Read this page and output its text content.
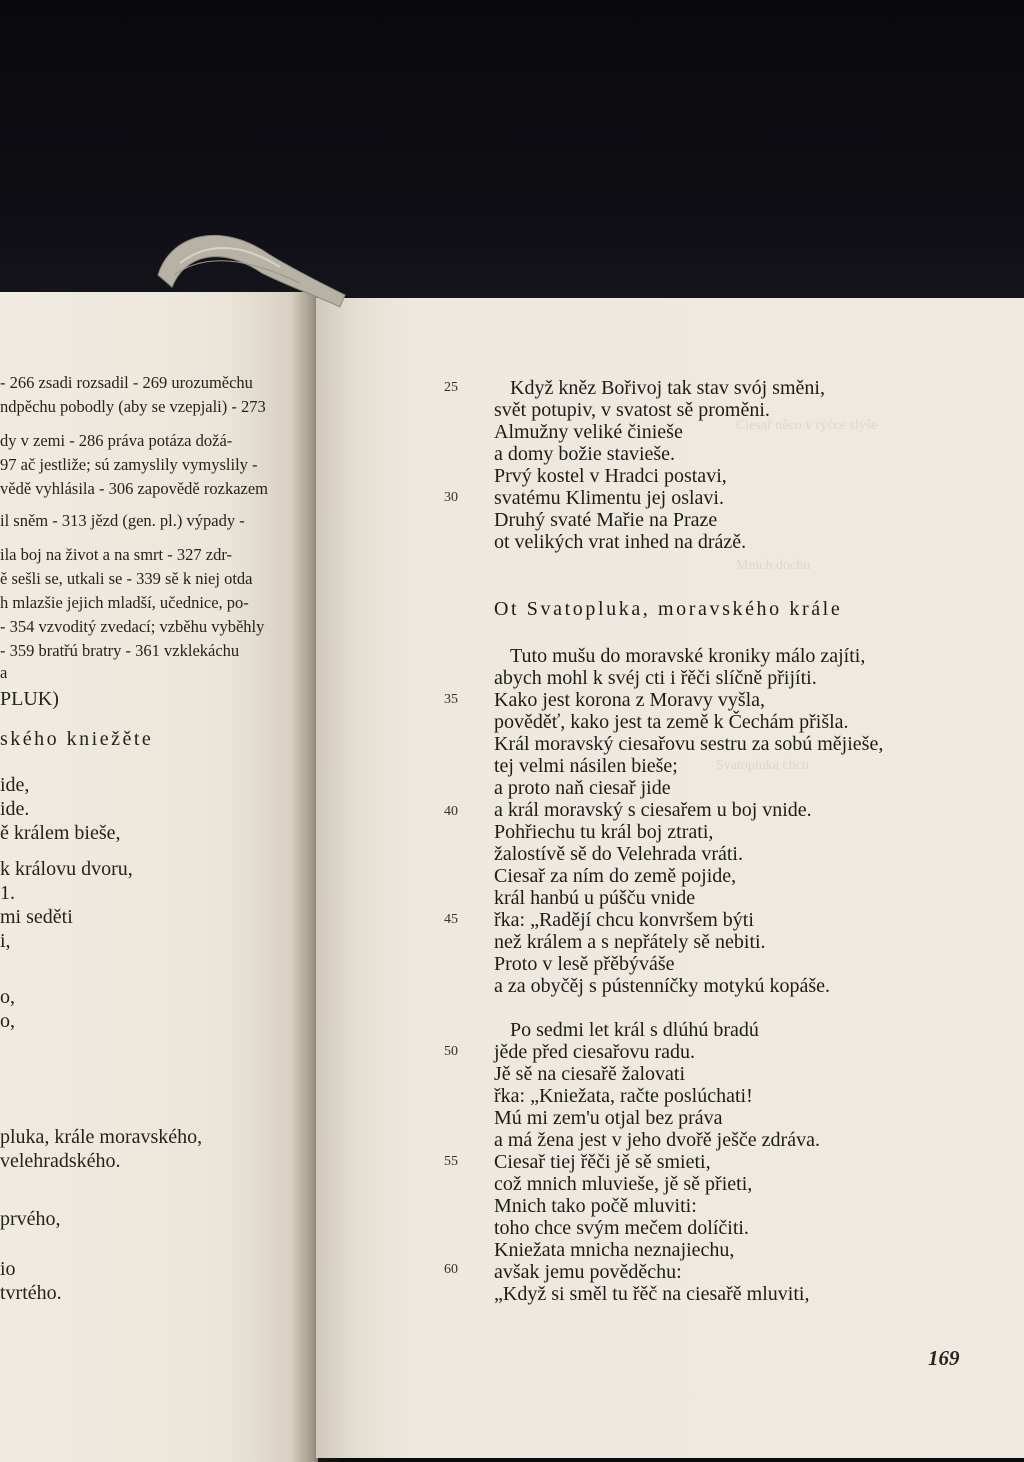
- 266 zsadi rozsadil - 269 urozuměchu
ndpěchu pobodly (aby se vzepjali) - 273
dy v zemi - 286 práva potáza dožá-
97 ač jestliže; sú zamyslily vymyslily -
vědě vyhlásila - 306 zapovědě rozkazem
il sněm - 313 jězd (gen. pl.) výpady -
ila boj na život a na smrt - 327 zdr-
ě sešli se, utkali se - 339 sě k niej otda
h mlazšie jejich mladší, učednice, po-
- 354 vzvodit‎ý zvedací; vzběhu vyběhly
- 359 bratřú bratry - 361 vzklekáchu
a
PLUK)
ského kniežěte
ide,
ide.
ě králem bieše,
k královu dvoru,
1.
mi seděti
i,
o,
o,
pluka, krále moravského,
velehradského.
prvého,
io
tvrtého.
Ciesař něco v rýčce slyše
Mnich dochu
Svatopluka chcu
25
30
35
40
45
50
55
60
Když kněz Bořivoj tak stav svój směni,
svět potupiv, v svatost sě proměni.
Almužny veliké činieše
a domy božie stavieše.
Prvý kostel v Hradci postavi,
svatému Klimentu jej oslavi.
Druhý svaté Mařie na Praze
ot velikých vrat inhed na drázě.
Ot Svatopluka, moravského krále
Tuto mušu do moravské kroniky málo zajíti,
abych mohl k svéj cti i řěči slíčně přijíti.
Kako jest korona z Moravy vyšla,
pověděť, kako jest ta země k Čechám přišla.
Král moravský ciesařovu sestru za sobú mějieše,
tej velmi násilen bieše;
a proto naň ciesař jide
a král moravský s ciesařem u boj vnide.
Pohřiechu tu král boj ztrati,
žalostívě sě do Velehrada vráti.
Ciesař za ním do země pojide,
král hanbú u púšču vnide
řka: „Radějí chcu konvršem býti
než králem a s nepřátely sě nebiti.
Proto v lesě přěbýváše
a za obyčěj s pústenníčky motykú kopáše.
Po sedmi let král s dlúhú bradú
jěde před ciesařovu radu.
Jě sě na ciesařě žalovati
řka: „Kniežata, račte poslúchati!
Mú mi zem'u otjal bez práva
a má žena jest v jeho dvořě ješče zdráva.
Ciesař tiej řěči jě sě smieti,
což mnich mluvieše, jě sě přieti,
Mnich tako počě mluviti:
toho chce svým mečem dolíčiti.
Kniežata mnicha neznajiechu,
avšak jemu pověděchu:
„Když si směl tu řěč na ciesařě mluviti,
169
